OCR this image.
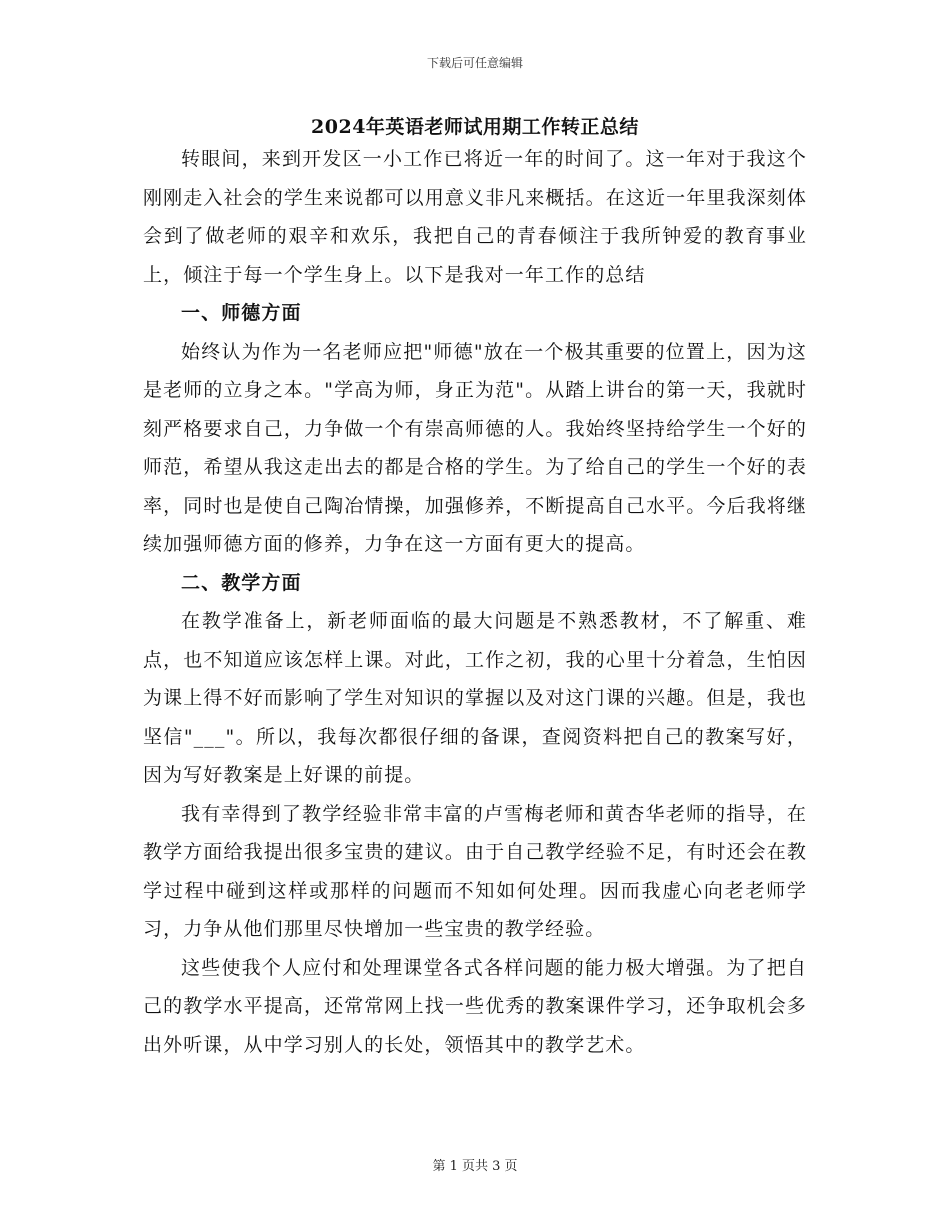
下载后可任意编辑
2024年英语老师试用期工作转正总结

转眼间，来到开发区一小工作已将近一年的时间了。这一年对于我这个刚刚走入社会的学生来说都可以用意义非凡来概括。在这近一年里我深刻体会到了做老师的艰辛和欢乐，我把自己的青春倾注于我所钟爱的教育事业上，倾注于每一个学生身上。以下是我对一年工作的总结

一、师德方面

始终认为作为一名老师应把"师德"放在一个极其重要的位置上，因为这是老师的立身之本。"学高为师，身正为范"。从踏上讲台的第一天，我就时刻严格要求自己，力争做一个有崇高师德的人。我始终坚持给学生一个好的师范，希望从我这走出去的都是合格的学生。为了给自己的学生一个好的表率，同时也是使自己陶冶情操，加强修养，不断提高自己水平。今后我将继续加强师德方面的修养，力争在这一方面有更大的提高。

二、教学方面

在教学准备上，新老师面临的最大问题是不熟悉教材，不了解重、难点，也不知道应该怎样上课。对此，工作之初，我的心里十分着急，生怕因为课上得不好而影响了学生对知识的掌握以及对这门课的兴趣。但是，我也坚信"___"。所以，我每次都很仔细的备课，查阅资料把自己的教案写好，因为写好教案是上好课的前提。

我有幸得到了教学经验非常丰富的卢雪梅老师和黄杏华老师的指导，在教学方面给我提出很多宝贵的建议。由于自己教学经验不足，有时还会在教学过程中碰到这样或那样的问题而不知如何处理。因而我虚心向老老师学习，力争从他们那里尽快增加一些宝贵的教学经验。

这些使我个人应付和处理课堂各式各样问题的能力极大增强。为了把自己的教学水平提高，还常常网上找一些优秀的教案课件学习，还争取机会多出外听课，从中学习别人的长处，领悟其中的教学艺术。

第 1 页共 3 页
